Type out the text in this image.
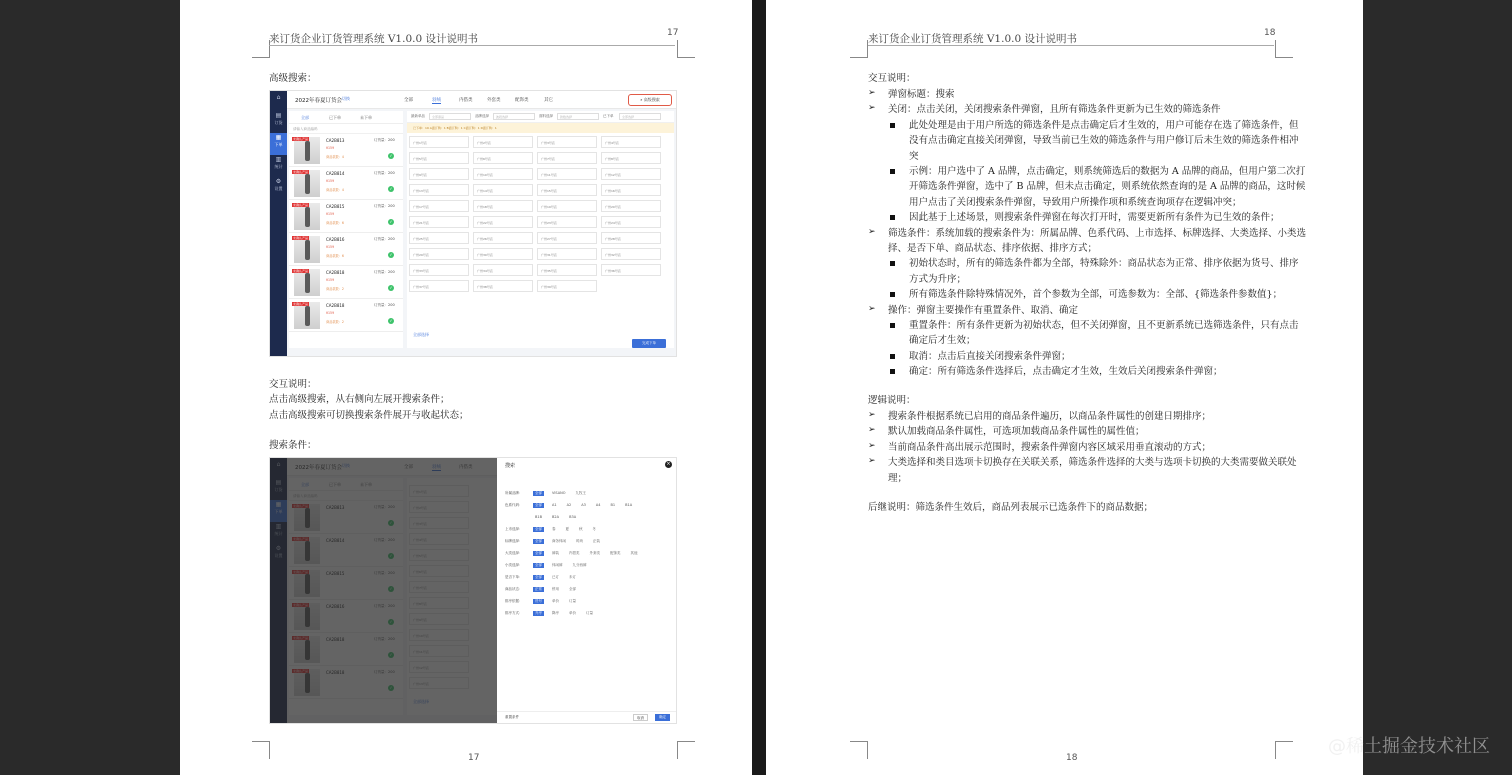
来订货企业订货管理系统 V1.0.0 设计说明书	17
高级搜索：
⌂
▤
订货
▦
下单
▥
统计
⚙
设置
2022年春夏订货会 切换	全部	羽绒	内搭类	外套类	配饰类	其它	⌕ 高级搜索
全部	已下单	未下单
请输入商品编码
未确认产品	CA2B813	订货量：200
¥159
商品款数：4	✓
未确认产品	CA2B814	订货量：200
¥159
商品款数：4	✓
未确认产品	CA2B815	订货量：200
¥159
商品款数：6	✓
未确认产品	CA2B816	订货量：200
¥159
商品款数：6	✓
未确认产品	CA2B818	订货量：200
¥159
商品款数：2	✓
未确认产品	CA2B818	订货量：200
¥159
商品款数：2	✓
最新单品	全部商品	品牌选择	波段选择	面料选择	款数选择	已下单	全部选择
已下单：19 A面订购：1 B面订购：1 C面订购：1 D面订购：1
广州1号店	广州2号店	广州3号店	广州4号店
广州5号店	广州6号店	广州7号店	广州8号店
广州9号店	广州10号店	广州11号店	广州12号店
广州13号店	广州14号店	广州15号店	广州16号店
广州17号店	广州18号店	广州19号店	广州20号店
广州21号店	广州22号店	广州23号店	广州24号店
广州25号店	广州26号店	广州27号店	广州28号店
广州29号店	广州30号店	广州31号店	广州32号店
广州33号店	广州34号店	广州35号店	广州36号店
广州37号店	广州38号店	广州39号店
全部选择
完成下单
交互说明：
点击高级搜索，从右侧向左展开搜索条件；
点击高级搜索可切换搜索条件展开与收起状态；
搜索条件：
搜索	×
所属品牌：	全部	VISANO	九牧王
色系代码：	全部	A1	A2	A3	A4	B1	B1A
B1B	B2A	B3A
上市选择：	全部	春	夏	秋	冬
标牌选择：	全部	商务休闲	时尚	正装
大类选择：	全部	裤装	内搭类	外套类	配饰类	其他
小类选择：	全部	休闲裤	九分西裤
是否下单：	全部	已订	未订
商品状态：	正常	停用	全部
排序依据：	货号	单价	订量
排序方式：	升序	降序	单价	订量
重置条件	取消	确定
17
来订货企业订货管理系统 V1.0.0 设计说明书	18
交互说明：
➢ 弹窗标题：搜索
➢ 关闭：点击关闭，关闭搜索条件弹窗，且所有筛选条件更新为已生效的筛选条件
此处处理是由于用户所选的筛选条件是点击确定后才生效的，用户可能存在选了筛选条件，但
没有点击确定直接关闭弹窗，导致当前已生效的筛选条件与用户修订后未生效的筛选条件相冲
突
示例：用户选中了 A 品牌，点击确定，则系统筛选后的数据为 A 品牌的商品，但用户第二次打
开筛选条件弹窗，选中了 B 品牌，但未点击确定，则系统依然查询的是 A 品牌的商品，这时候
用户点击了关闭搜索条件弹窗，导致用户所操作项和系统查询项存在逻辑冲突；
因此基于上述场景，则搜索条件弹窗在每次打开时，需要更新所有条件为已生效的条件；
➢ 筛选条件：系统加载的搜索条件为：所属品牌、色系代码、上市选择、标牌选择、大类选择、小类选
择、是否下单、商品状态、排序依据、排序方式；
初始状态时，所有的筛选条件都为全部，特殊除外：商品状态为正常、排序依据为货号、排序
方式为升序；
所有筛选条件除特殊情况外，首个参数为全部，可选参数为：全部、{筛选条件参数值}；
➢ 操作：弹窗主要操作有重置条件、取消、确定
重置条件：所有条件更新为初始状态，但不关闭弹窗，且不更新系统已选筛选条件，只有点击
确定后才生效；
取消：点击后直接关闭搜索条件弹窗；
确定：所有筛选条件选择后，点击确定才生效，生效后关闭搜索条件弹窗；
逻辑说明：
➢ 搜索条件根据系统已启用的商品条件遍历，以商品条件属性的创建日期排序；
➢ 默认加载商品条件属性，可选项加载商品条件属性的属性值；
➢ 当前商品条件高出展示范围时，搜索条件弹窗内容区域采用垂直滚动的方式；
➢ 大类选择和类目选项卡切换存在关联关系，筛选条件选择的大类与选项卡切换的大类需要做关联处
理；
后继说明：筛选条件生效后，商品列表展示已选条件下的商品数据；
18
@稀土掘金技术社区
